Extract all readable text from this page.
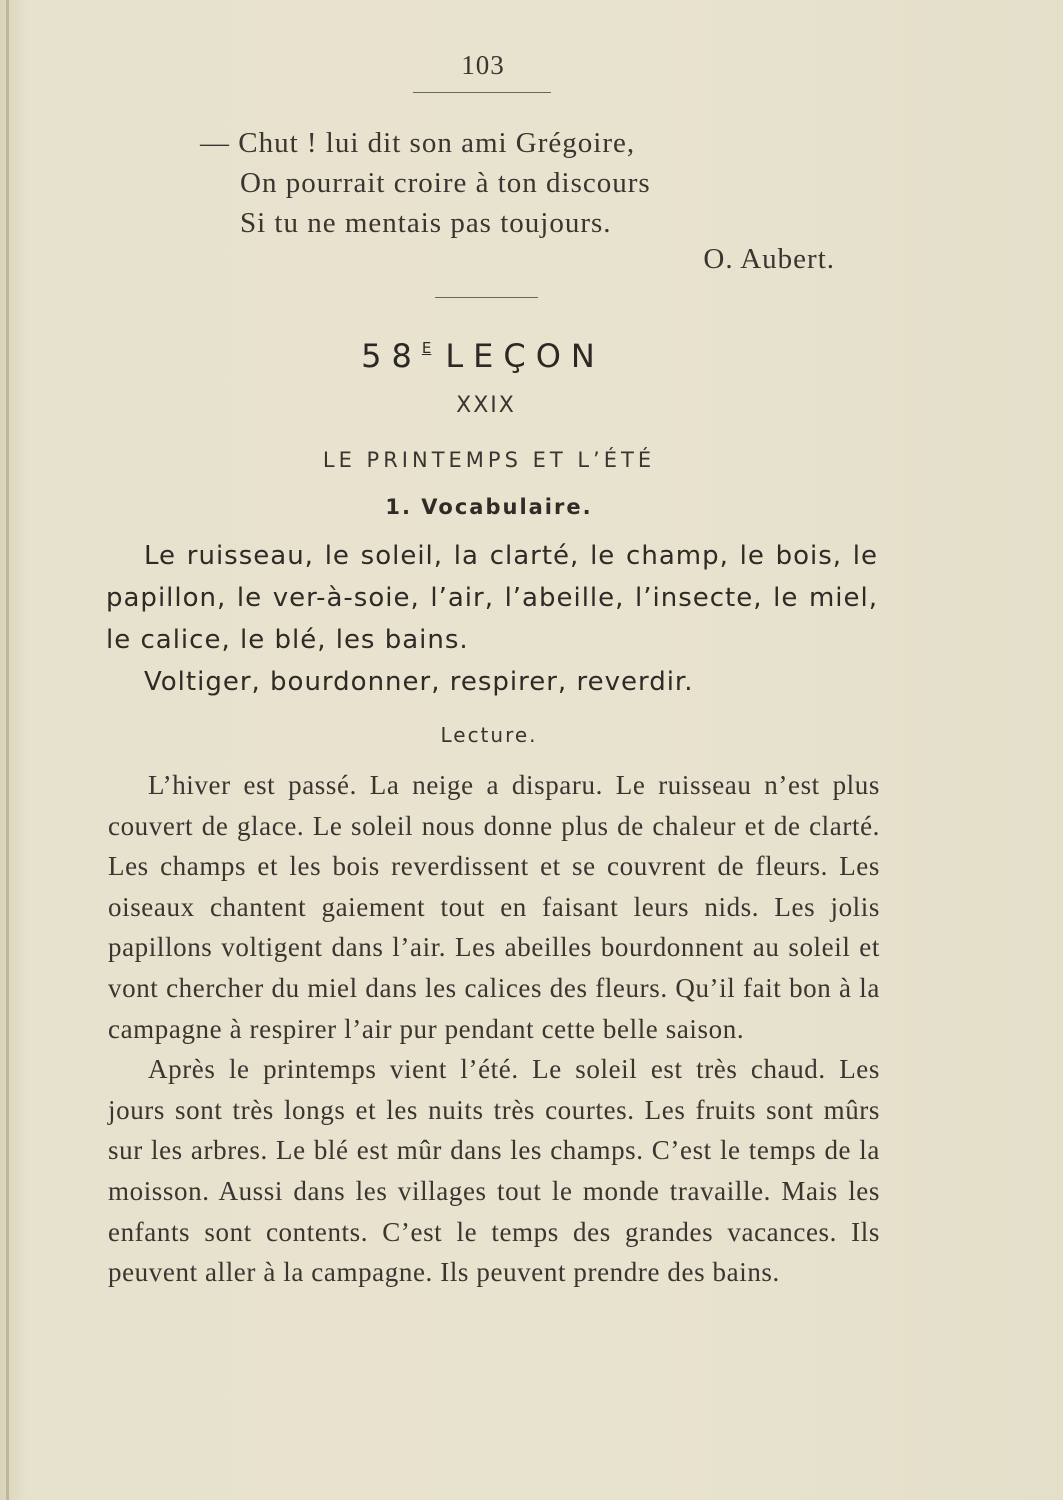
103
— Chut ! lui dit son ami Grégoire,
On pourrait croire à ton discours
Si tu ne mentais pas toujours.
O. Aubert.
$58^E$ LEÇON
XXIX
LE PRINTEMPS ET L’ÉTÉ
1. Vocabulaire.

Le ruisseau, le soleil, la clarté, le champ, le bois, le papillon, le ver-à-soie, l’air, l’abeille, l’insecte, le miel, le calice, le blé, les bains.

Voltiger, bourdonner, respirer, reverdir.

Lecture.

L’hiver est passé. La neige a disparu. Le ruisseau n’est plus couvert de glace. Le soleil nous donne plus de chaleur et de clarté. Les champs et les bois reverdissent et se couvrent de fleurs. Les oiseaux chantent gaiement tout en faisant leurs nids. Les jolis papillons voltigent dans l’air. Les abeilles bourdonnent au soleil et vont chercher du miel dans les calices des fleurs. Qu’il fait bon à la campagne à respirer l’air pur pendant cette belle saison.

Après le printemps vient l’été. Le soleil est très chaud. Les jours sont très longs et les nuits très courtes. Les fruits sont mûrs sur les arbres. Le blé est mûr dans les champs. C’est le temps de la moisson. Aussi dans les villages tout le monde travaille. Mais les enfants sont contents. C’est le temps des grandes vacances. Ils peuvent aller à la campagne. Ils peuvent prendre des bains.
